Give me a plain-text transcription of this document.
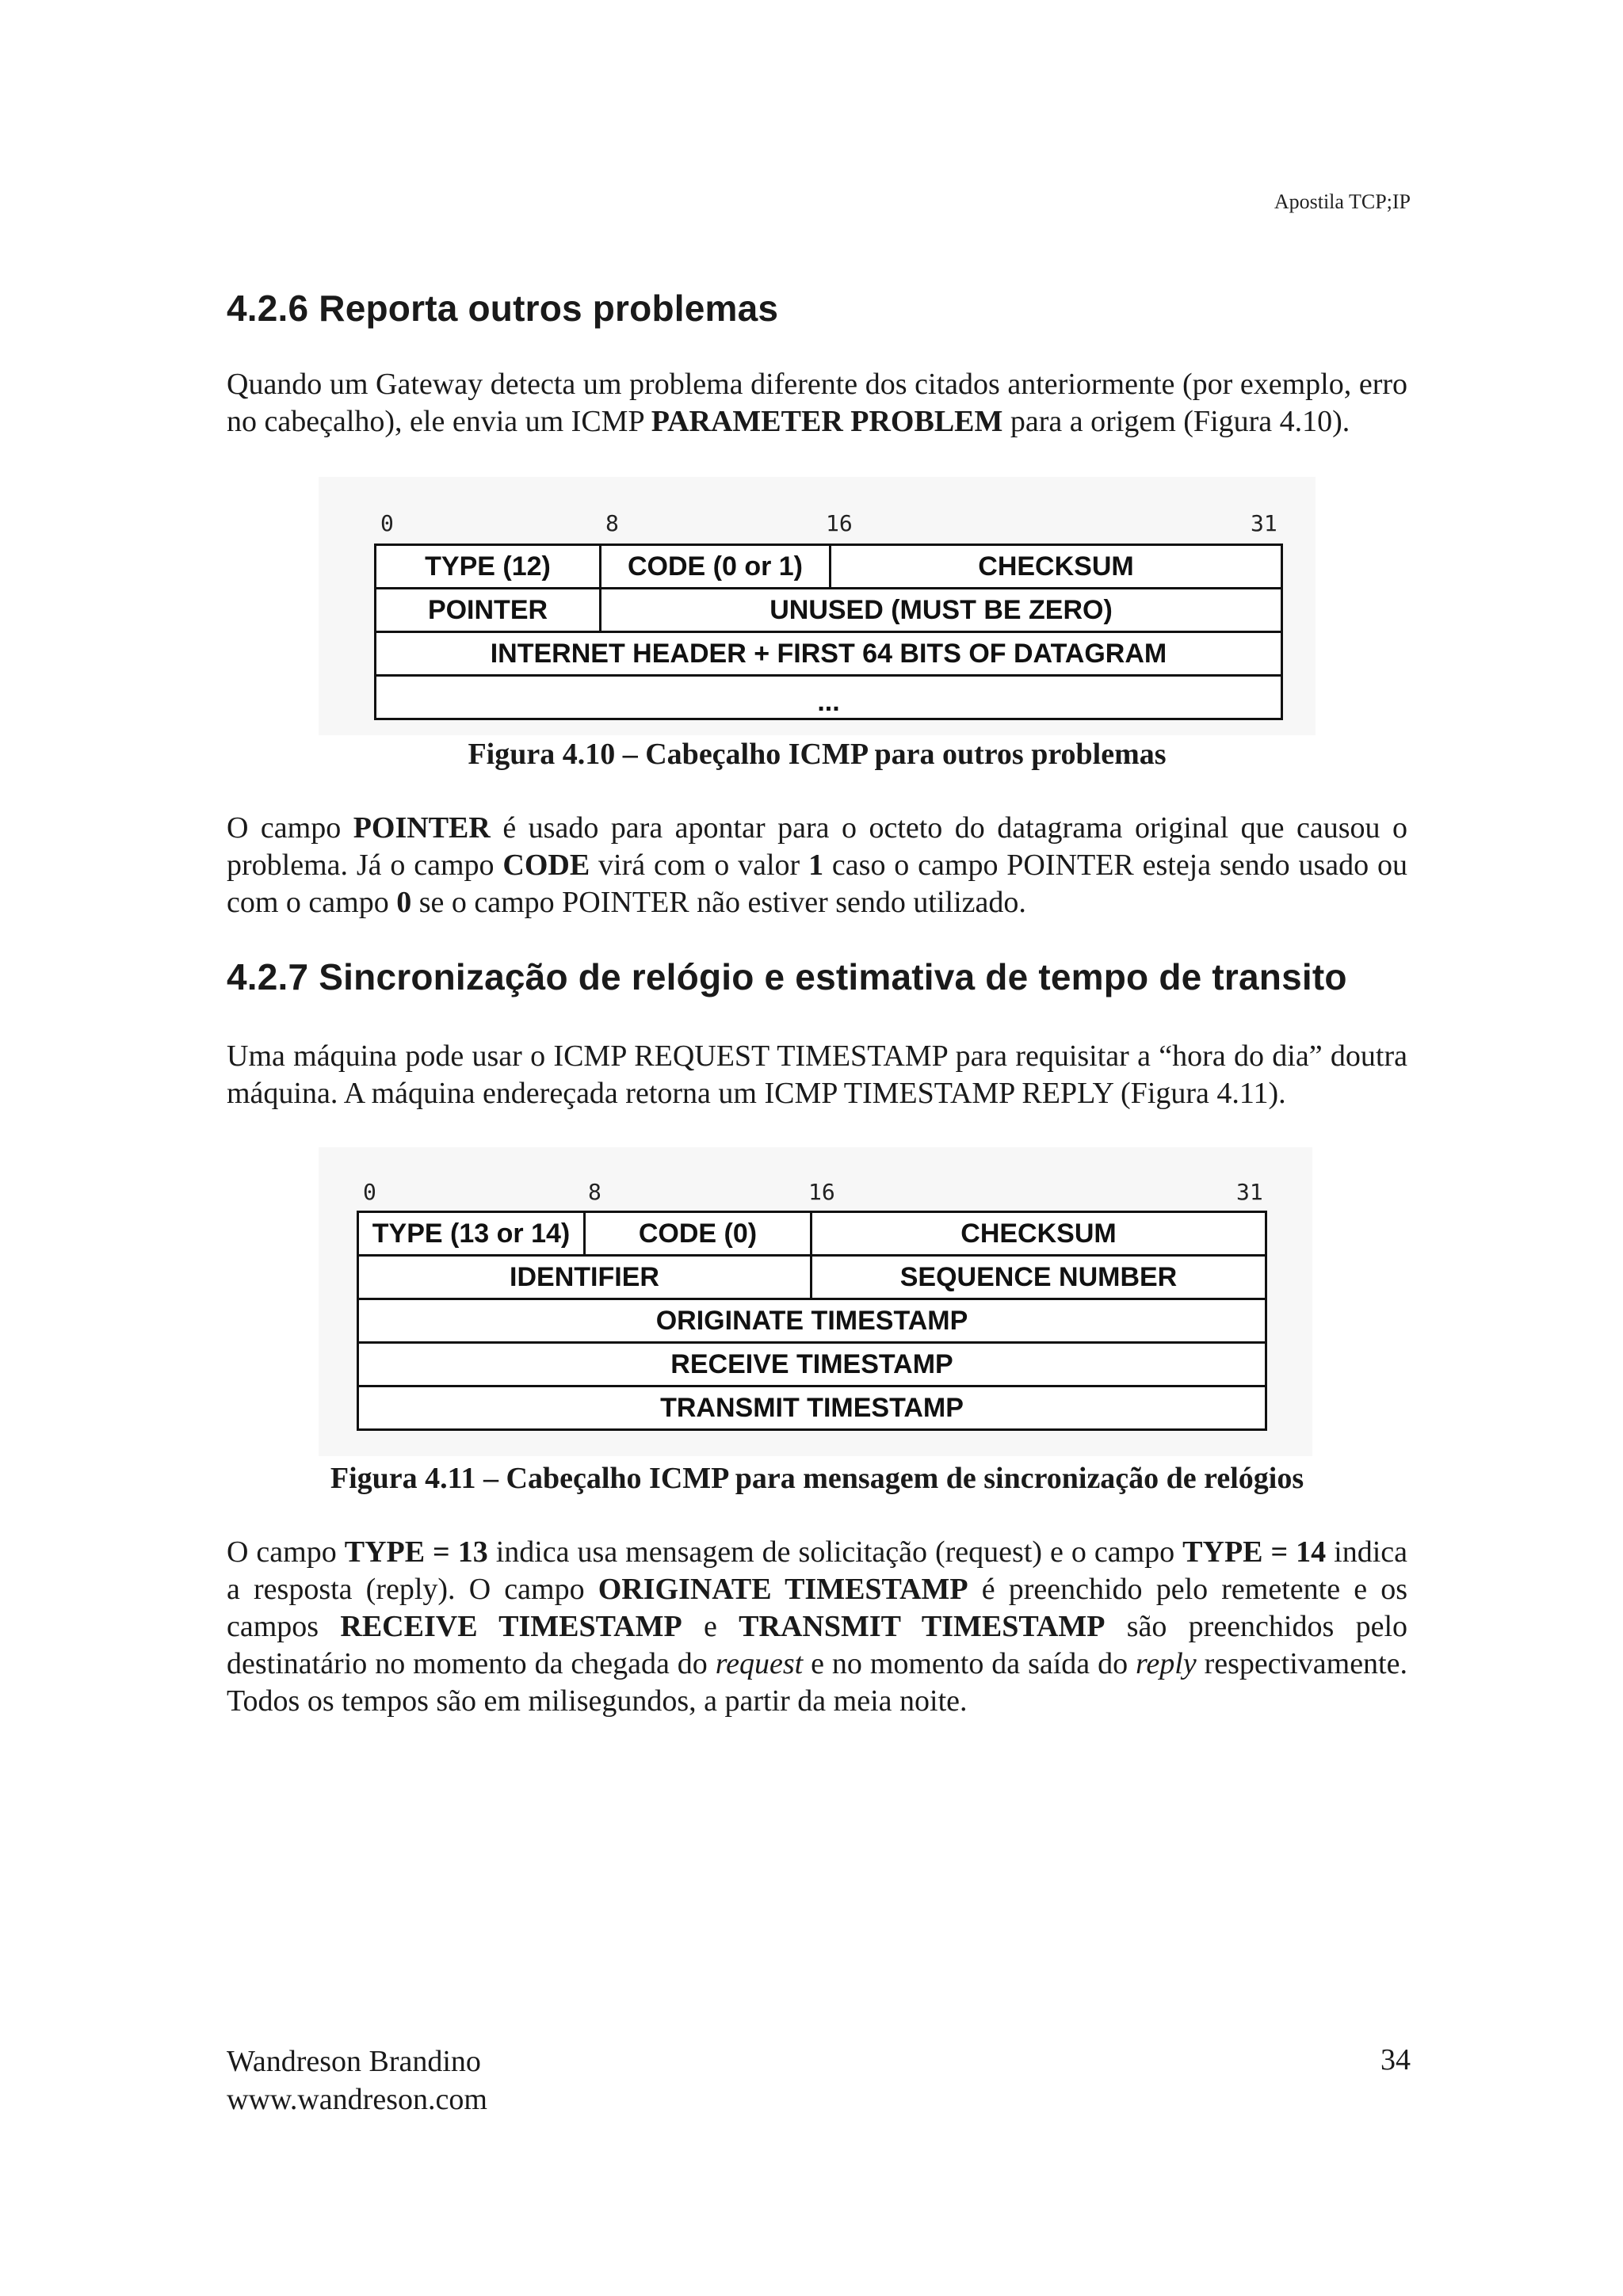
Apostila TCP;IP
4.2.6 Reporta outros problemas

Quando um Gateway detecta um problema diferente dos citados anteriormente (por exemplo, erro no cabeçalho), ele envia um ICMP PARAMETER PROBLEM para a origem (Figura 4.10).

0	8	16	31
TYPE (12)	CODE (0 or 1)	CHECKSUM
POINTER	UNUSED (MUST BE ZERO)	
INTERNET HEADER + FIRST 64 BITS OF DATAGRAM		
...		

Figura 4.10 – Cabeçalho ICMP para outros problemas

O campo POINTER é usado para apontar para o octeto do datagrama original que causou o problema. Já o campo CODE virá com o valor 1 caso o campo POINTER esteja sendo usado ou com o campo 0 se o campo POINTER não estiver sendo utilizado.

4.2.7 Sincronização de relógio e estimativa de tempo de transito

Uma máquina pode usar o ICMP REQUEST TIMESTAMP para requisitar a “hora do dia” doutra máquina. A máquina endereçada retorna um ICMP TIMESTAMP REPLY (Figura 4.11).

0	8	16	31
TYPE (13 or 14)	CODE (0)	CHECKSUM
IDENTIFIER		SEQUENCE NUMBER
ORIGINATE TIMESTAMP		
RECEIVE TIMESTAMP		
TRANSMIT TIMESTAMP		

Figura 4.11 – Cabeçalho ICMP para mensagem de sincronização de relógios

O campo TYPE = 13 indica usa mensagem de solicitação (request) e o campo TYPE = 14 indica a resposta (reply). O campo ORIGINATE TIMESTAMP é preenchido pelo remetente e os campos RECEIVE TIMESTAMP e TRANSMIT TIMESTAMP são preenchidos pelo destinatário no momento da chegada do request e no momento da saída do reply respectivamente. Todos os tempos são em milisegundos, a partir da meia noite.

Wandreson Brandino
www.wandreson.com
34
